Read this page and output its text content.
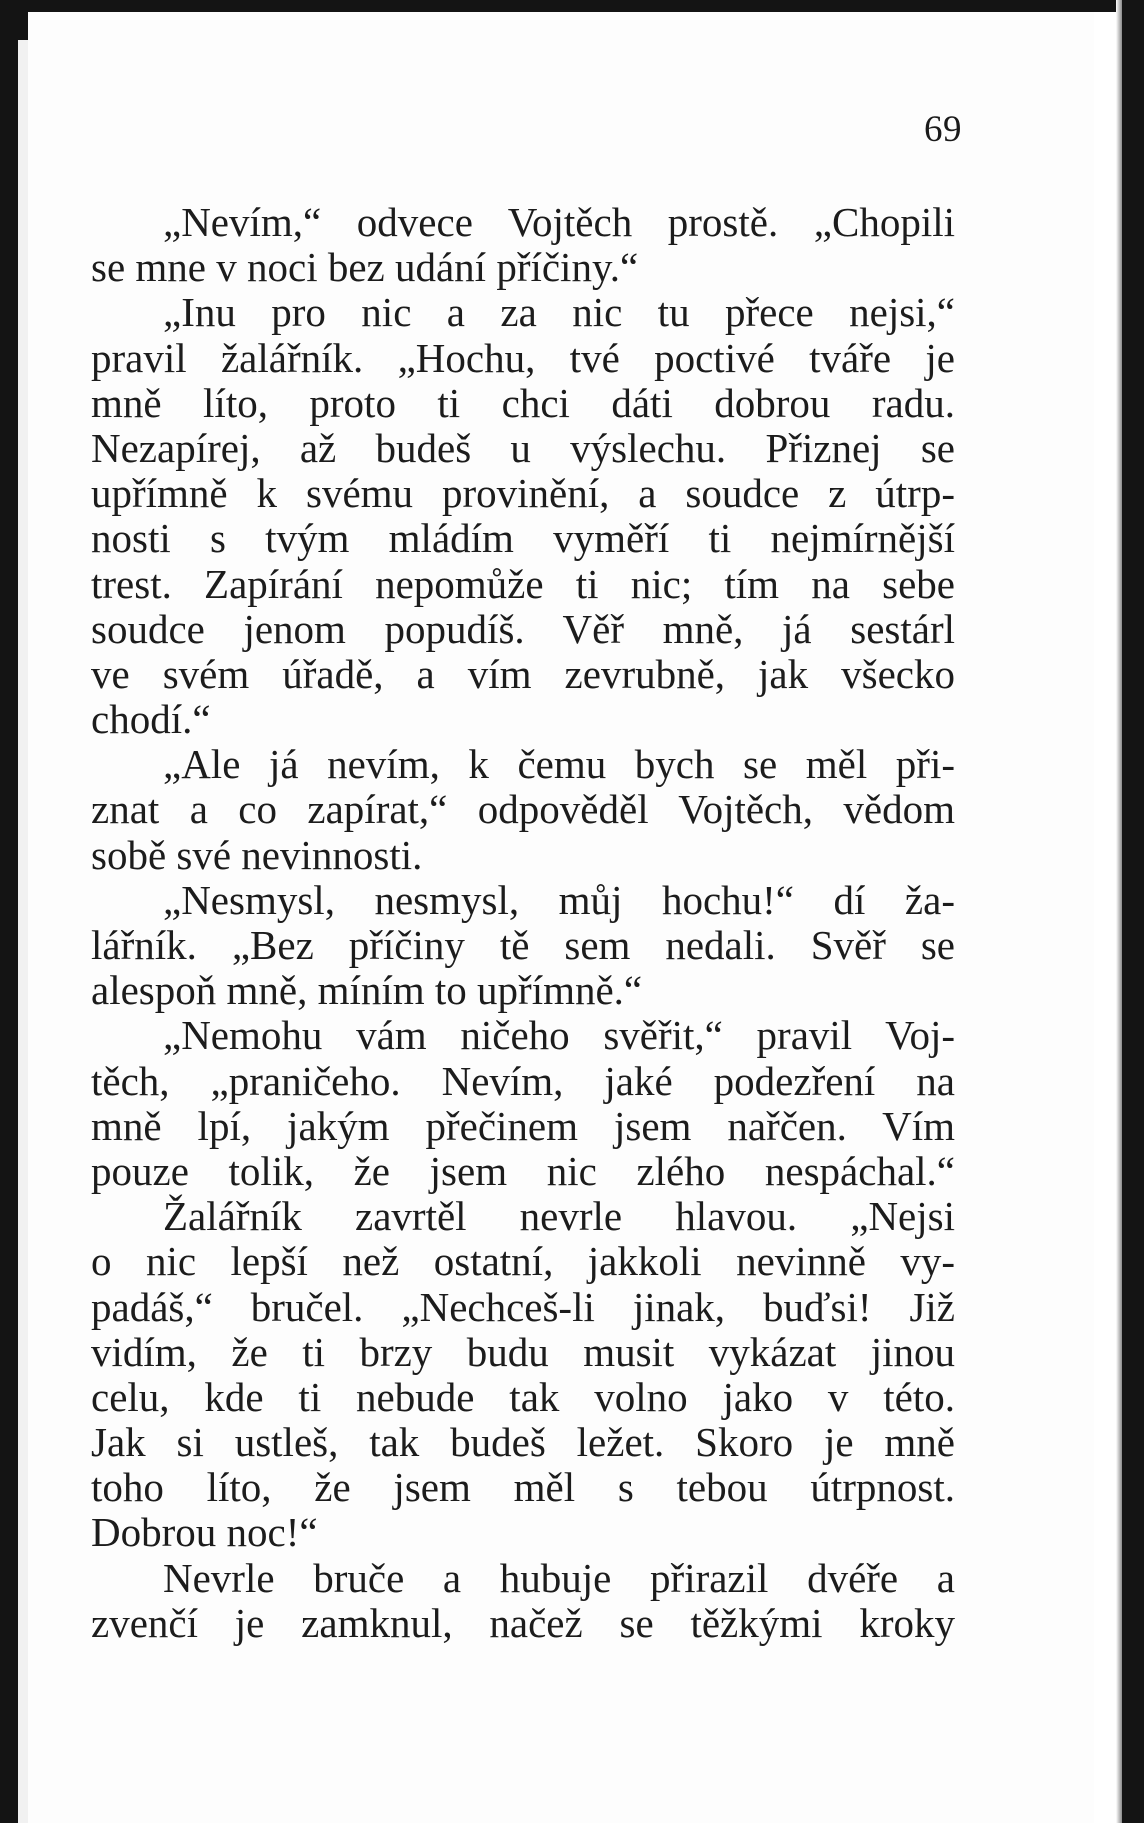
69
„Nevím,“ odvece Vojtěch prostě. „Chopili
se mne v noci bez udání příčiny.“
„Inu pro nic a za nic tu přece nejsi,“
pravil žalářník. „Hochu, tvé poctivé tváře je
mně líto, proto ti chci dáti dobrou radu.
Nezapírej, až budeš u výslechu. Přiznej se
upřímně k svému provinění, a soudce z útrp-
nosti s tvým mládím vyměří ti nejmírnější
trest. Zapírání nepomůže ti nic; tím na sebe
soudce jenom popudíš. Věř mně, já sestárl
ve svém úřadě, a vím zevrubně, jak všecko
chodí.“
„Ale já nevím, k čemu bych se měl při-
znat a co zapírat,“ odpověděl Vojtěch, vědom
sobě své nevinnosti.
„Nesmysl, nesmysl, můj hochu!“ dí ža-
lářník. „Bez příčiny tě sem nedali. Svěř se
alespoň mně, míním to upřímně.“
„Nemohu vám ničeho svěřit,“ pravil Voj-
těch, „praničeho. Nevím, jaké podezření na
mně lpí, jakým přečinem jsem nařčen. Vím
pouze tolik, že jsem nic zlého nespáchal.“
Žalářník zavrtěl nevrle hlavou. „Nejsi
o nic lepší než ostatní, jakkoli nevinně vy-
padáš,“ bručel. „Nechceš-li jinak, buďsi! Již
vidím, že ti brzy budu musit vykázat jinou
celu, kde ti nebude tak volno jako v této.
Jak si ustleš, tak budeš ležet. Skoro je mně
toho líto, že jsem měl s tebou útrpnost.
Dobrou noc!“
Nevrle bruče a hubuje přirazil dvéře a
zvenčí je zamknul, načež se těžkými kroky
